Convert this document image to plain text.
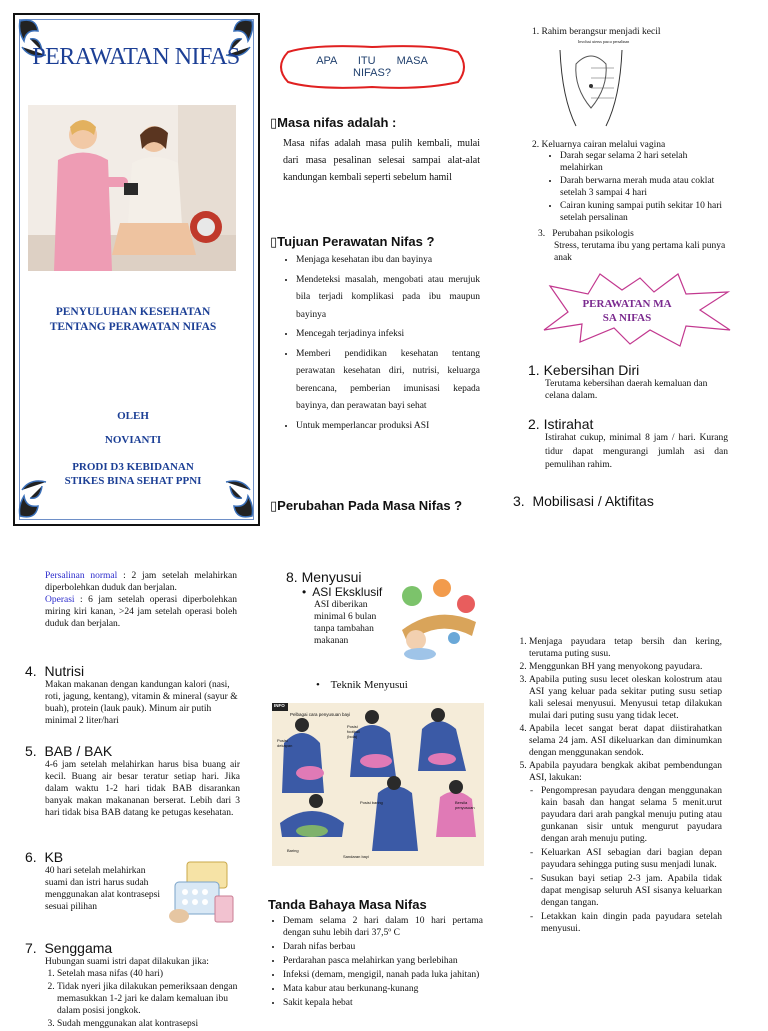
PERAWATAN NIFAS
PENYULUHAN KESEHATAN TENTANG PERAWATAN NIFAS
OLEH
NOVIANTI
PRODI D3 KEBIDANAN
STIKES BINA SEHAT PPNI
APA ITU MASA NIFAS?
▯Masa nifas adalah :
Masa nifas adalah masa pulih kembali, mulai dari masa pesalinan selesai sampai alat-alat kandungan kembali seperti sebelum hamil
▯Tujuan Perawatan Nifas ?
• Menjaga kesehatan ibu dan bayinya
• Mendeteksi masalah, mengobati atau merujuk bila terjadi komplikasi pada ibu maupun bayinya
• Mencegah terjadinya infeksi
• Memberi pendidikan kesehatan tentang perawatan kesehatan diri, nutrisi, keluarga berencana, pemberian imunisasi kepada bayinya, dan perawatan bayi sehat
• Untuk memperlancar produksi ASI
▯Perubahan Pada Masa Nifas ?
1. Rahim berangsur menjadi kecil
Involusi uterus pasca persalinan
2. Keluarnya cairan melalui vagina
• Darah segar selama 2 hari setelah melahirkan
• Darah berwarna merah muda atau coklat setelah 3 sampai 4 hari
• Cairan kuning sampai putih sekitar 10 hari setelah persalinan
3. Perubahan psikologis
Stress, terutama ibu yang pertama kali punya anak
PERAWATAN MASA NIFAS
1. Kebersihan Diri
Terutama kebersihan daerah kemaluan dan celana dalam.
2. Istirahat
Istirahat cukup, minimal 8 jam / hari. Kurang tidur dapat mengurangi jumlah asi dan pemulihan rahim.
3. Mobilisasi / Aktifitas
Persalinan normal : 2 jam setelah melahirkan diperbolehkan duduk dan berjalan.
Operasi : 6 jam setelah operasi diperbolehkan miring kiri kanan, >24 jam setelah operasi boleh duduk dan berjalan.
4. Nutrisi
Makan makanan dengan kandungan kalori (nasi, roti, jagung, kentang), vitamin & mineral (sayur & buah), protein (lauk pauk). Minum air putih minimal 2 liter/hari
5. BAB / BAK
4-6 jam setelah melahirkan harus bisa buang air kecil. Buang air besar teratur setiap hari. Jika dalam waktu 1-2 hari tidak BAB disarankan banyak makan makananan berserat. Lebih dari 3 hari tidak bisa BAB datang ke petugas kesehatan.
6. KB
40 hari setelah melahirkan suami dan istri harus sudah menggunakan alat kontrasepsi sesuai pilihan
7. Senggama
Hubungan suami istri dapat dilakukan jika:
1. Setelah masa nifas (40 hari)
2. Tidak nyeri jika dilakukan pemeriksaan dengan memasukkan 1-2 jari ke dalam kemaluan ibu dalam posisi jongkok.
3. Sudah menggunakan alat kontrasepsi
8. Menyusui
•  ASI Eksklusif
ASI diberikan minimal 6 bulan tanpa tambahan makanan
•    Teknik Menyusui
INFO
Pelbagai cara penyusuan bayi
Posisi dekapan
Posisi football (bola)
Baring
Bersila penyusuan
Posisi baring
Sandaran bayi
Tanda Bahaya Masa Nifas
• Demam selama 2 hari dalam 10 hari pertama dengan suhu lebih dari 37,5º C
• Darah nifas berbau
• Perdarahan pasca melahirkan yang berlebihan
• Infeksi (demam, mengigil, nanah pada luka jahitan)
• Mata kabur atau berkunang-kunang
• Sakit kepala hebat
1. Menjaga payudara tetap bersih dan kering, terutama puting susu.
2. Menggunkan BH yang menyokong payudara.
3. Apabila puting susu lecet oleskan kolostrum atau ASI yang keluar pada sekitar puting susu setiap kali selesai menyusui. Menyusui tetap dilakukan mulai dari puting susu yang tidak lecet.
4. Apabila lecet sangat berat dapat diistirahatkan selama 24 jam. ASI dikeluarkan dan diminumkan dengan menggunakan sendok.
5. Apabila payudara bengkak akibat pembendungan ASI, lakukan:
- Pengompresan payudara dengan menggunakan kain basah dan hangat selama 5 menit.urut payudara dari arah pangkal menuju puting atau gunkanan sisir untuk mengurut payudara dengan arah menuju puting.
- Keluarkan ASI sebagian dari bagian depan payudara sehingga puting susu menjadi lunak.
- Susukan bayi setiap 2-3 jam. Apabila tidak dapat mengisap seluruh ASI sisanya keluarkan dengan tangan.
- Letakkan kain dingin pada payudara setelah menyusui.
